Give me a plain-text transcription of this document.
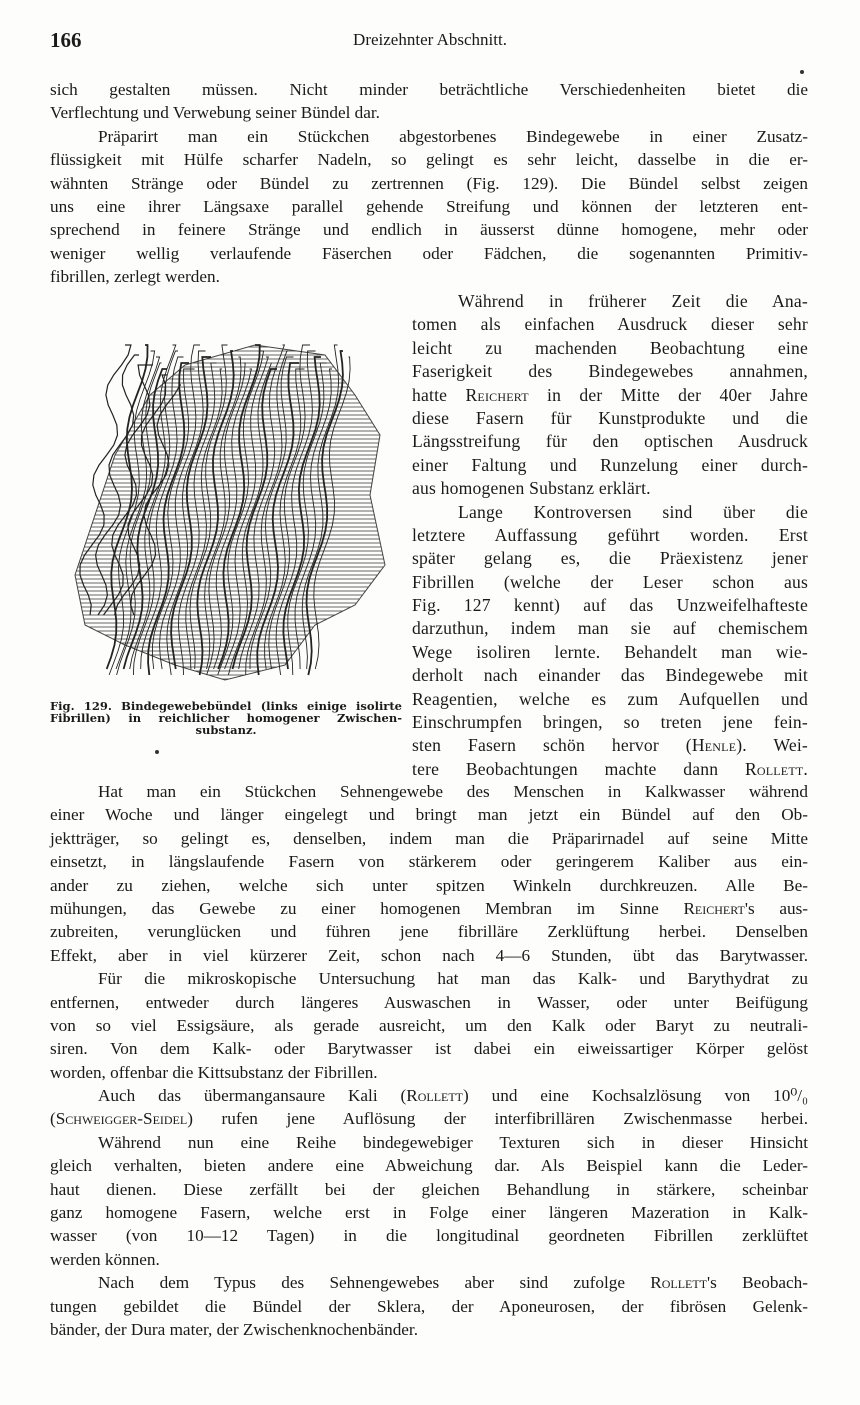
166	Dreizehnter Abschnitt.
sich gestalten müssen. Nicht minder beträchtliche Verschiedenheiten bietet die
Verflechtung und Verwebung seiner Bündel dar.
Präparirt man ein Stückchen abgestorbenes Bindegewebe in einer Zusatz-
flüssigkeit mit Hülfe scharfer Nadeln, so gelingt es sehr leicht, dasselbe in die er-
wähnten Stränge oder Bündel zu zertrennen (Fig. 129). Die Bündel selbst zeigen
uns eine ihrer Längsaxe parallel gehende Streifung und können der letzteren ent-
sprechend in feinere Stränge und endlich in äusserst dünne homogene, mehr oder
weniger wellig verlaufende Fäserchen oder Fädchen, die sogenannten Primitiv-
fibrillen, zerlegt werden.
Während in früherer Zeit die Ana-
tomen als einfachen Ausdruck dieser sehr
leicht zu machenden Beobachtung eine
Faserigkeit des Bindegewebes annahmen,
hatte Reichert in der Mitte der 40er Jahre
diese Fasern für Kunstprodukte und die
Längsstreifung für den optischen Ausdruck
einer Faltung und Runzelung einer durch-
aus homogenen Substanz erklärt.
Lange Kontroversen sind über die
letztere Auffassung geführt worden. Erst
später gelang es, die Präexistenz jener
Fibrillen (welche der Leser schon aus
Fig. 127 kennt) auf das Unzweifelhafteste
darzuthun, indem man sie auf chemischem
Wege isoliren lernte. Behandelt man wie-
derholt nach einander das Bindegewebe mit
Reagentien, welche es zum Aufquellen und
Einschrumpfen bringen, so treten jene fein-
sten Fasern schön hervor (Henle). Wei-
tere Beobachtungen machte dann Rollett.
Hat man ein Stückchen Sehnengewebe des Menschen in Kalkwasser während
einer Woche und länger eingelegt und bringt man jetzt ein Bündel auf den Ob-
jektträger, so gelingt es, denselben, indem man die Präparirnadel auf seine Mitte
einsetzt, in längslaufende Fasern von stärkerem oder geringerem Kaliber aus ein-
ander zu ziehen, welche sich unter spitzen Winkeln durchkreuzen. Alle Be-
mühungen, das Gewebe zu einer homogenen Membran im Sinne Reichert's aus-
zubreiten, verunglücken und führen jene fibrilläre Zerklüftung herbei. Denselben
Effekt, aber in viel kürzerer Zeit, schon nach 4—6 Stunden, übt das Barytwasser.
Für die mikroskopische Untersuchung hat man das Kalk- und Barythydrat zu
entfernen, entweder durch längeres Auswaschen in Wasser, oder unter Beifügung
von so viel Essigsäure, als gerade ausreicht, um den Kalk oder Baryt zu neutrali-
siren. Von dem Kalk- oder Barytwasser ist dabei ein eiweissartiger Körper gelöst
worden, offenbar die Kittsubstanz der Fibrillen.
Auch das übermangansaure Kali (Rollett) und eine Kochsalzlösung von 10⁰/₀
(Schweigger-Seidel) rufen jene Auflösung der interfibrillären Zwischenmasse herbei.
Während nun eine Reihe bindegewebiger Texturen sich in dieser Hinsicht
gleich verhalten, bieten andere eine Abweichung dar. Als Beispiel kann die Leder-
haut dienen. Diese zerfällt bei der gleichen Behandlung in stärkere, scheinbar
ganz homogene Fasern, welche erst in Folge einer längeren Mazeration in Kalk-
wasser (von 10—12 Tagen) in die longitudinal geordneten Fibrillen zerklüftet
werden können.
Nach dem Typus des Sehnengewebes aber sind zufolge Rollett's Beobach-
tungen gebildet die Bündel der Sklera, der Aponeurosen, der fibrösen Gelenk-
bänder, der Dura mater, der Zwischenknochenbänder.
Fig. 129. Bindegewebebündel (links einige isolirte
Fibrillen) in reichlicher homogener Zwischen-
substanz.
